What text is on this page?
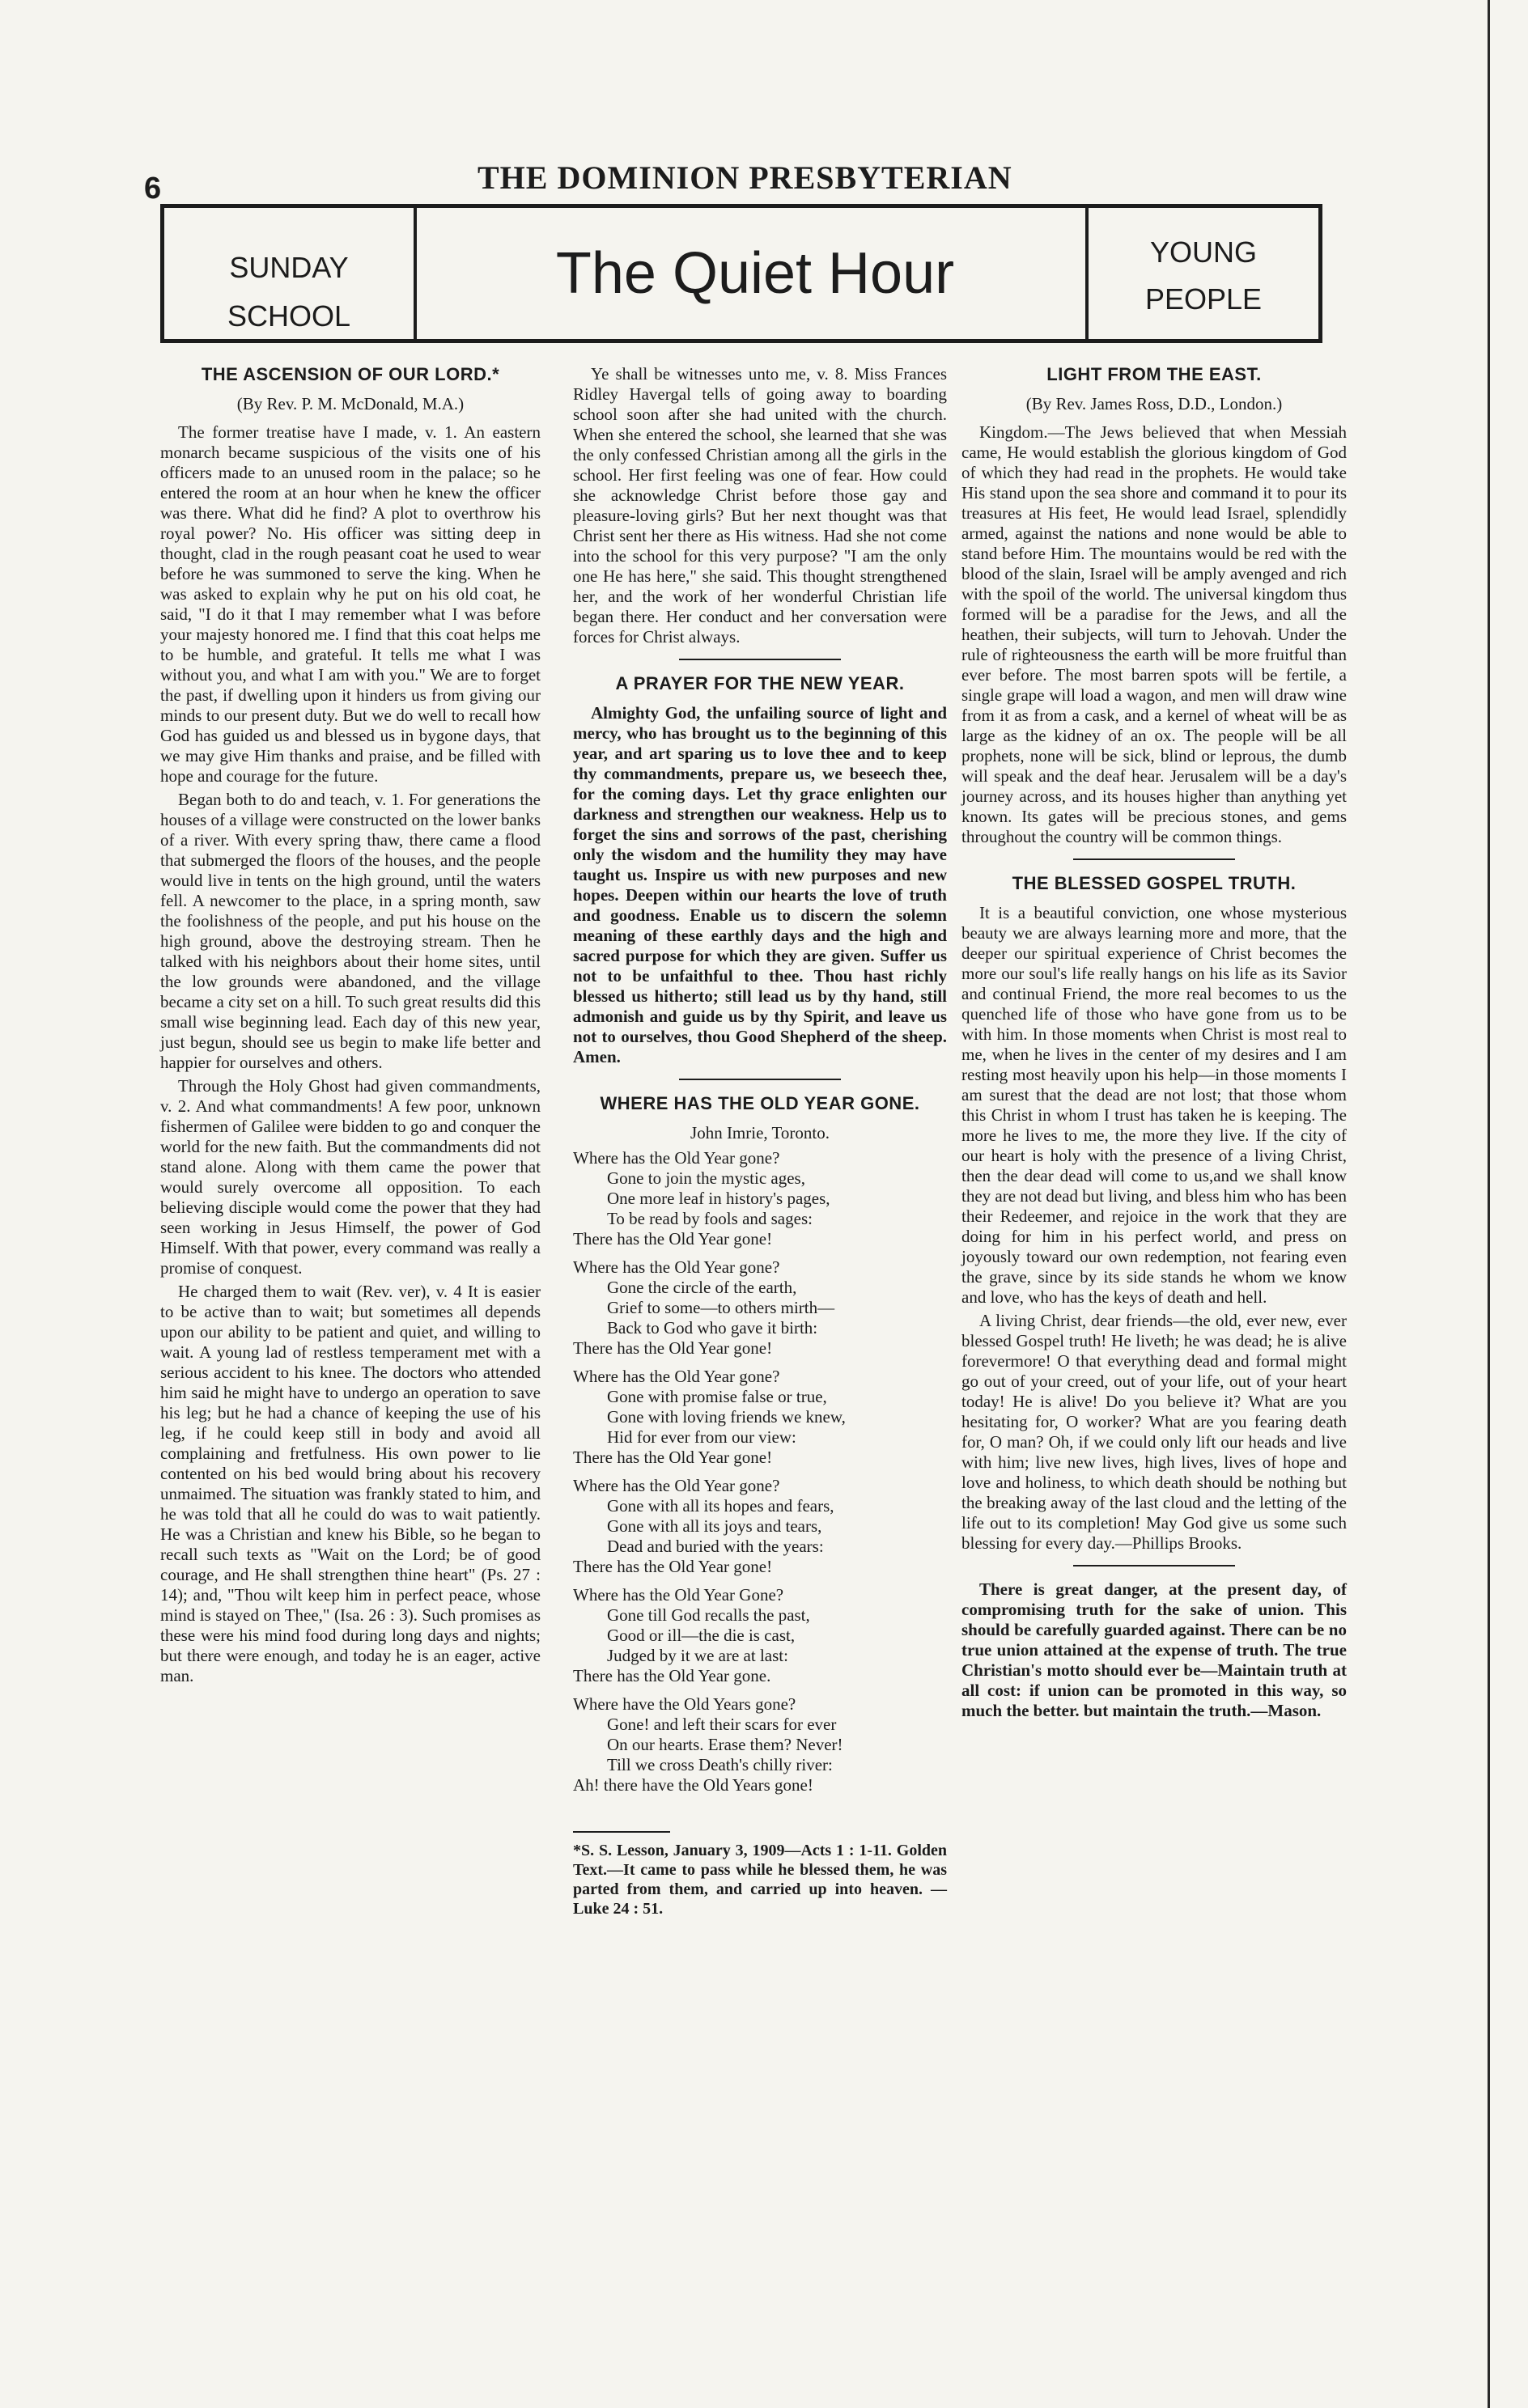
6	THE DOMINION PRESBYTERIAN
SUNDAY
SCHOOL
The Quiet Hour	YOUNG
PEOPLE
THE ASCENSION OF OUR LORD.*
(By Rev. P. M. McDonald, M.A.)

The former treatise have I made, v. 1. An eastern monarch became suspicious of the visits one of his officers made to an unused room in the palace; so he entered the room at an hour when he knew the officer was there. What did he find? A plot to overthrow his royal power? No. His officer was sitting deep in thought, clad in the rough peasant coat he used to wear before he was summoned to serve the king. When he was asked to explain why he put on his old coat, he said, "I do it that I may remember what I was before your majesty honored me. I find that this coat helps me to be humble, and grateful. It tells me what I was without you, and what I am with you." We are to forget the past, if dwelling upon it hinders us from giving our minds to our present duty. But we do well to recall how God has guided us and blessed us in bygone days, that we may give Him thanks and praise, and be filled with hope and courage for the future.

Began both to do and teach, v. 1. For generations the houses of a village were constructed on the lower banks of a river. With every spring thaw, there came a flood that submerged the floors of the houses, and the people would live in tents on the high ground, until the waters fell. A newcomer to the place, in a spring month, saw the foolishness of the people, and put his house on the high ground, above the destroying stream. Then he talked with his neighbors about their home sites, until the low grounds were abandoned, and the village became a city set on a hill. To such great results did this small wise beginning lead. Each day of this new year, just begun, should see us begin to make life better and happier for ourselves and others.

Through the Holy Ghost had given commandments, v. 2. And what commandments! A few poor, unknown fishermen of Galilee were bidden to go and conquer the world for the new faith. But the commandments did not stand alone. Along with them came the power that would surely overcome all opposition. To each believing disciple would come the power that they had seen working in Jesus Himself, the power of God Himself. With that power, every command was really a promise of conquest.

He charged them to wait (Rev. ver), v. 4 It is easier to be active than to wait; but sometimes all depends upon our ability to be patient and quiet, and willing to wait. A young lad of restless temperament met with a serious accident to his knee. The doctors who attended him said he might have to undergo an operation to save his leg; but he had a chance of keeping the use of his leg, if he could keep still in body and avoid all complaining and fretfulness. His own power to lie contented on his bed would bring about his recovery unmaimed. The situation was frankly stated to him, and he was told that all he could do was to wait patiently. He was a Christian and knew his Bible, so he began to recall such texts as "Wait on the Lord; be of good courage, and He shall strengthen thine heart" (Ps. 27 : 14); and, "Thou wilt keep him in perfect peace, whose mind is stayed on Thee," (Isa. 26 : 3). Such promises as these were his mind food during long days and nights; but there were enough, and today he is an eager, active man.

Ye shall be witnesses unto me, v. 8. Miss Frances Ridley Havergal tells of going away to boarding school soon after she had united with the church. When she entered the school, she learned that she was the only confessed Christian among all the girls in the school. Her first feeling was one of fear. How could she acknowledge Christ before those gay and pleasure-loving girls? But her next thought was that Christ sent her there as His witness. Had she not come into the school for this very purpose? "I am the only one He has here," she said. This thought strengthened her, and the work of her wonderful Christian life began there. Her conduct and her conversation were forces for Christ always.

A PRAYER FOR THE NEW YEAR.

Almighty God, the unfailing source of light and mercy, who has brought us to the beginning of this year, and art sparing us to love thee and to keep thy commandments, prepare us, we beseech thee, for the coming days. Let thy grace enlighten our darkness and strengthen our weakness. Help us to forget the sins and sorrows of the past, cherishing only the wisdom and the humility they may have taught us. Inspire us with new purposes and new hopes. Deepen within our hearts the love of truth and goodness. Enable us to discern the solemn meaning of these earthly days and the high and sacred purpose for which they are given. Suffer us not to be unfaithful to thee. Thou hast richly blessed us hitherto; still lead us by thy hand, still admonish and guide us by thy Spirit, and leave us not to ourselves, thou Good Shepherd of the sheep. Amen.

WHERE HAS THE OLD YEAR GONE.
John Imrie, Toronto.
Where has the Old Year gone?
Gone to join the mystic ages,
One more leaf in history's pages,
To be read by fools and sages:
There has the Old Year gone!
Where has the Old Year gone?
Gone the circle of the earth,
Grief to some—to others mirth—
Back to God who gave it birth:
There has the Old Year gone!
Where has the Old Year gone?
Gone with promise false or true,
Gone with loving friends we knew,
Hid for ever from our view:
There has the Old Year gone!
Where has the Old Year gone?
Gone with all its hopes and fears,
Gone with all its joys and tears,
Dead and buried with the years:
There has the Old Year gone!
Where has the Old Year Gone?
Gone till God recalls the past,
Good or ill—the die is cast,
Judged by it we are at last:
There has the Old Year gone.
Where have the Old Years gone?
Gone! and left their scars for ever
On our hearts. Erase them? Never!
Till we cross Death's chilly river:
Ah! there have the Old Years gone!

*S. S. Lesson, January 3, 1909—Acts 1 : 1-11. Golden Text.—It came to pass while he blessed them, he was parted from them, and carried up into heaven. —Luke 24 : 51.

LIGHT FROM THE EAST.
(By Rev. James Ross, D.D., London.)

Kingdom.—The Jews believed that when Messiah came, He would establish the glorious kingdom of God of which they had read in the prophets. He would take His stand upon the sea shore and command it to pour its treasures at His feet, He would lead Israel, splendidly armed, against the nations and none would be able to stand before Him. The mountains would be red with the blood of the slain, Israel will be amply avenged and rich with the spoil of the world. The universal kingdom thus formed will be a paradise for the Jews, and all the heathen, their subjects, will turn to Jehovah. Under the rule of righteousness the earth will be more fruitful than ever before. The most barren spots will be fertile, a single grape will load a wagon, and men will draw wine from it as from a cask, and a kernel of wheat will be as large as the kidney of an ox. The people will be all prophets, none will be sick, blind or leprous, the dumb will speak and the deaf hear. Jerusalem will be a day's journey across, and its houses higher than anything yet known. Its gates will be precious stones, and gems throughout the country will be common things.

THE BLESSED GOSPEL TRUTH.

It is a beautiful conviction, one whose mysterious beauty we are always learning more and more, that the deeper our spiritual experience of Christ becomes the more our soul's life really hangs on his life as its Savior and continual Friend, the more real becomes to us the quenched life of those who have gone from us to be with him. In those moments when Christ is most real to me, when he lives in the center of my desires and I am resting most heavily upon his help—in those moments I am surest that the dead are not lost; that those whom this Christ in whom I trust has taken he is keeping. The more he lives to me, the more they live. If the city of our heart is holy with the presence of a living Christ, then the dear dead will come to us,and we shall know they are not dead but living, and bless him who has been their Redeemer, and rejoice in the work that they are doing for him in his perfect world, and press on joyously toward our own redemption, not fearing even the grave, since by its side stands he whom we know and love, who has the keys of death and hell.

A living Christ, dear friends—the old, ever new, ever blessed Gospel truth! He liveth; he was dead; he is alive forevermore! O that everything dead and formal might go out of your creed, out of your life, out of your heart today! He is alive! Do you believe it? What are you hesitating for, O worker? What are you fearing death for, O man? Oh, if we could only lift our heads and live with him; live new lives, high lives, lives of hope and love and holiness, to which death should be nothing but the breaking away of the last cloud and the letting of the life out to its completion! May God give us some such blessing for every day.—Phillips Brooks.

There is great danger, at the present day, of compromising truth for the sake of union. This should be carefully guarded against. There can be no true union attained at the expense of truth. The true Christian's motto should ever be—Maintain truth at all cost: if union can be promoted in this way, so much the better. but maintain the truth.—Mason.
